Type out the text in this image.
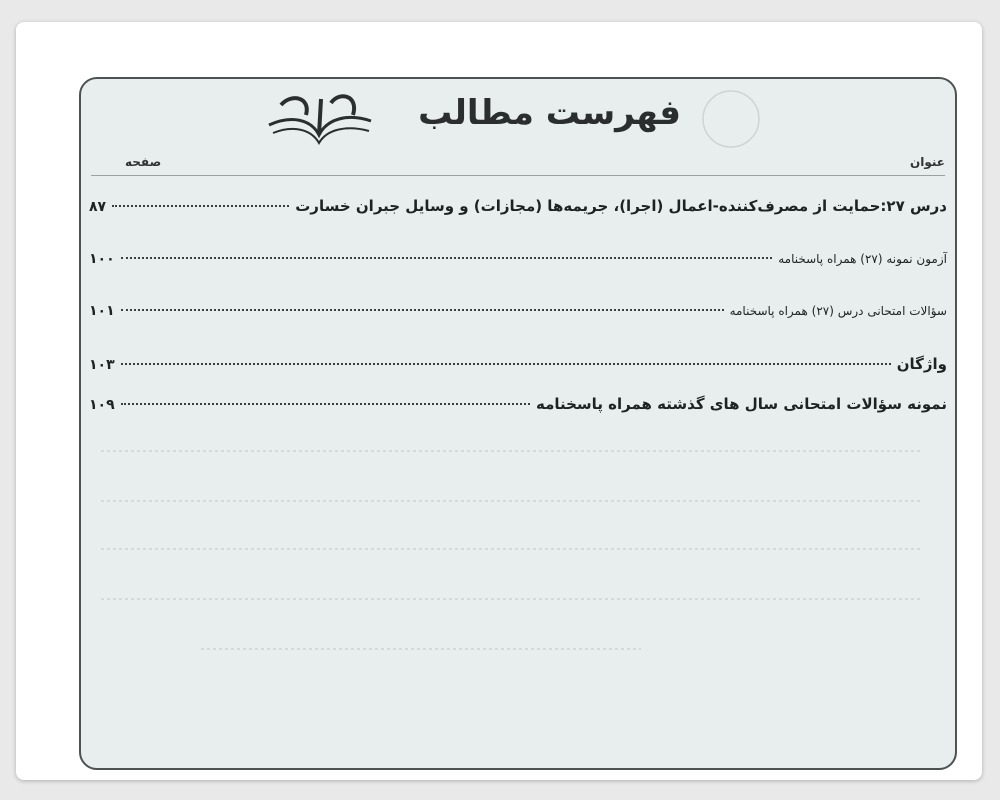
فهرست مطالب
صفحه	عنوان
درس ۲۷:حمایت از مصرف‌کننده-اعمال (اجرا)، جریمه‌ها (مجازات) و وسایل جبران خسارت
۸۷
آزمون نمونه (۲۷) همراه پاسخنامه
۱۰۰
سؤالات امتحانی درس (۲۷) همراه پاسخنامه
۱۰۱
واژگان
۱۰۳
نمونه سؤالات امتحانی سال های گذشته همراه پاسخنامه
۱۰۹
